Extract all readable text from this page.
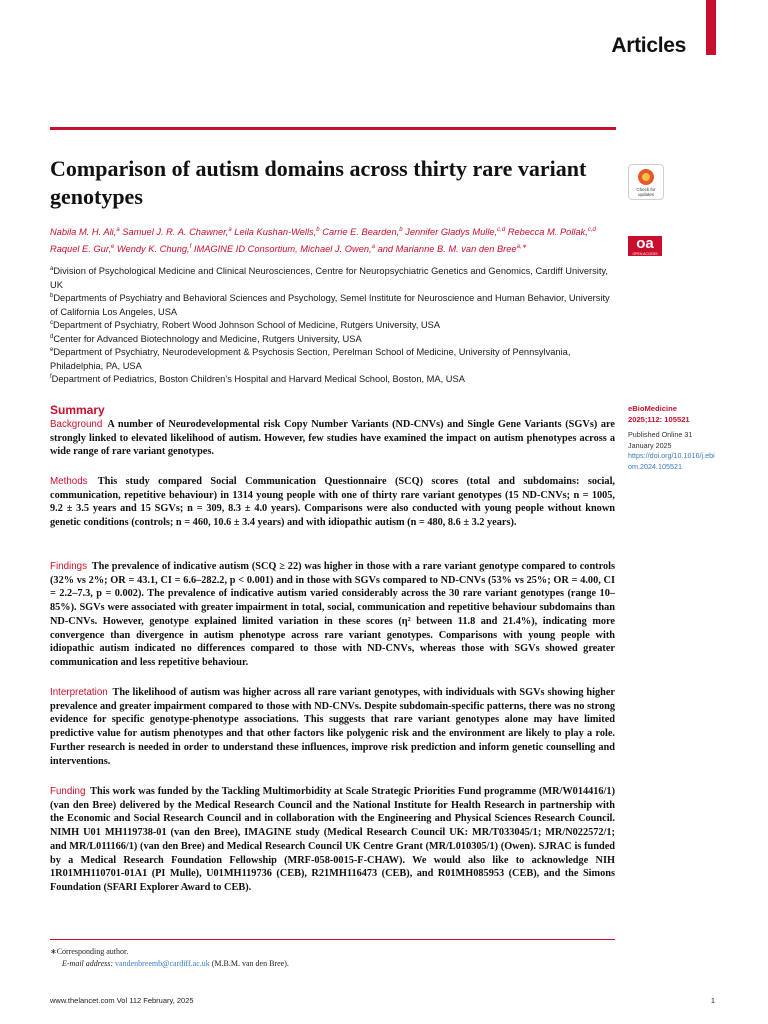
Articles
Comparison of autism domains across thirty rare variant genotypes	Check for updates
oa
OPEN ACCESS
Nabila M. H. Ali,$^a$ Samuel J. R. A. Chawner,$^a$ Leila Kushan-Wells,$^b$ Carrie E. Bearden,$^b$ Jennifer Gladys Mulle,$^{c,d}$ Rebecca M. Pollak,$^{c,d}$ Raquel E. Gur,$^e$ Wendy K. Chung,$^f$ IMAGINE ID Consortium, Michael J. Owen,$^a$ and Marianne B. M. van den Bree$^{a,∗}$
$^a$Division of Psychological Medicine and Clinical Neurosciences, Centre for Neuropsychiatric Genetics and Genomics, Cardiff University, UK
$^b$Departments of Psychiatry and Behavioral Sciences and Psychology, Semel Institute for Neuroscience and Human Behavior, University of California Los Angeles, USA
$^c$Department of Psychiatry, Robert Wood Johnson School of Medicine, Rutgers University, USA
$^d$Center for Advanced Biotechnology and Medicine, Rutgers University, USA
$^e$Department of Psychiatry, Neurodevelopment & Psychosis Section, Perelman School of Medicine, University of Pennsylvania, Philadelphia, PA, USA
$^f$Department of Pediatrics, Boston Children’s Hospital and Harvard Medical School, Boston, MA, USA
Summary
Background A number of Neurodevelopmental risk Copy Number Variants (ND-CNVs) and Single Gene Variants (SGVs) are strongly linked to elevated likelihood of autism. However, few studies have examined the impact on autism phenotypes across a wide range of rare variant genotypes.
Methods This study compared Social Communication Questionnaire (SCQ) scores (total and subdomains: social, communication, repetitive behaviour) in 1314 young people with one of thirty rare variant genotypes (15 ND-CNVs; n = 1005, 9.2 ± 3.5 years and 15 SGVs; n = 309, 8.3 ± 4.0 years). Comparisons were also conducted with young people without known genetic conditions (controls; n = 460, 10.6 ± 3.4 years) and with idiopathic autism (n = 480, 8.6 ± 3.2 years).
Findings The prevalence of indicative autism (SCQ ≥ 22) was higher in those with a rare variant genotype compared to controls (32% vs 2%; OR = 43.1, CI = 6.6–282.2, p < 0.001) and in those with SGVs compared to ND-CNVs (53% vs 25%; OR = 4.00, CI = 2.2–7.3, p = 0.002). The prevalence of indicative autism varied considerably across the 30 rare variant genotypes (range 10–85%). SGVs were associated with greater impairment in total, social, communication and repetitive behaviour subdomains than ND-CNVs. However, genotype explained limited variation in these scores (η² between 11.8 and 21.4%), indicating more convergence than divergence in autism phenotype across rare variant genotypes. Comparisons with young people with idiopathic autism indicated no differences compared to those with ND-CNVs, whereas those with SGVs showed greater communication and less repetitive behaviour.
Interpretation The likelihood of autism was higher across all rare variant genotypes, with individuals with SGVs showing higher prevalence and greater impairment compared to those with ND-CNVs. Despite subdomain-specific patterns, there was no strong evidence for specific genotype-phenotype associations. This suggests that rare variant genotypes alone may have limited predictive value for autism phenotypes and that other factors like polygenic risk and the environment are likely to play a role. Further research is needed in order to understand these influences, improve risk prediction and inform genetic counselling and interventions.
Funding This work was funded by the Tackling Multimorbidity at Scale Strategic Priorities Fund programme (MR/W014416/1) (van den Bree) delivered by the Medical Research Council and the National Institute for Health Research in partnership with the Economic and Social Research Council and in collaboration with the Engineering and Physical Sciences Research Council. NIMH U01 MH119738-01 (van den Bree), IMAGINE study (Medical Research Council UK: MR/T033045/1; MR/N022572/1; and MR/L011166/1) (van den Bree) and Medical Research Council UK Centre Grant (MR/L010305/1) (Owen). SJRAC is funded by a Medical Research Foundation Fellowship (MRF-058-0015-F-CHAW). We would also like to acknowledge NIH 1R01MH110701-01A1 (PI Mulle), U01MH119736 (CEB), R21MH116473 (CEB), and R01MH085953 (CEB), and the Simons Foundation (SFARI Explorer Award to CEB).
eBioMedicine
2025;112: 105521
Published Online 31 January 2025
https://doi.org/10.1016/j.ebiom.2024.105521
∗Corresponding author.
E-mail address: vandenbreemb@cardiff.ac.uk (M.B.M. van den Bree).
www.thelancet.com Vol 112 February, 2025	1
